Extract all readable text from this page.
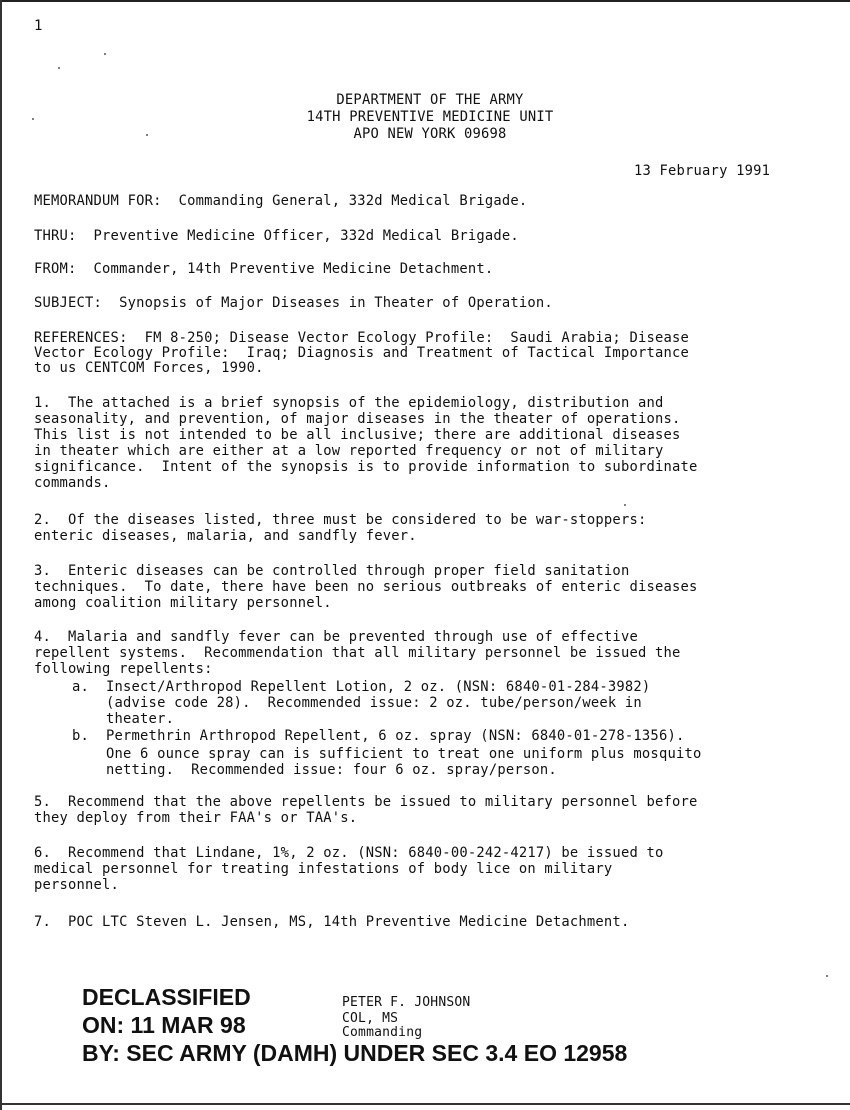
1
DEPARTMENT OF THE ARMY
14TH PREVENTIVE MEDICINE UNIT
APO NEW YORK 09698
13 February 1991
MEMORANDUM FOR:  Commanding General, 332d Medical Brigade.
THRU:  Preventive Medicine Officer, 332d Medical Brigade.
FROM:  Commander, 14th Preventive Medicine Detachment.
SUBJECT:  Synopsis of Major Diseases in Theater of Operation.
REFERENCES:  FM 8-250; Disease Vector Ecology Profile:  Saudi Arabia; Disease
Vector Ecology Profile:  Iraq; Diagnosis and Treatment of Tactical Importance
to us CENTCOM Forces, 1990.
1.  The attached is a brief synopsis of the epidemiology, distribution and
seasonality, and prevention, of major diseases in the theater of operations.
This list is not intended to be all inclusive; there are additional diseases
in theater which are either at a low reported frequency or not of military
significance.  Intent of the synopsis is to provide information to subordinate
commands.
2.  Of the diseases listed, three must be considered to be war-stoppers:
enteric diseases, malaria, and sandfly fever.
3.  Enteric diseases can be controlled through proper field sanitation
techniques.  To date, there have been no serious outbreaks of enteric diseases
among coalition military personnel.
4.  Malaria and sandfly fever can be prevented through use of effective
repellent systems.  Recommendation that all military personnel be issued the
following repellents:
a.  Insect/Arthropod Repellent Lotion, 2 oz. (NSN: 6840-01-284-3982)
(advise code 28).  Recommended issue: 2 oz. tube/person/week in
theater.
b.  Permethrin Arthropod Repellent, 6 oz. spray (NSN: 6840-01-278-1356).
One 6 ounce spray can is sufficient to treat one uniform plus mosquito
netting.  Recommended issue: four 6 oz. spray/person.
5.  Recommend that the above repellents be issued to military personnel before
they deploy from their FAA's or TAA's.
6.  Recommend that Lindane, 1%, 2 oz. (NSN: 6840-00-242-4217) be issued to
medical personnel for treating infestations of body lice on military
personnel.
7.  POC LTC Steven L. Jensen, MS, 14th Preventive Medicine Detachment.
PETER F. JOHNSON
COL, MS
Commanding
DECLASSIFIED
ON: 11 MAR 98
BY: SEC ARMY (DAMH) UNDER SEC 3.4 EO 12958
